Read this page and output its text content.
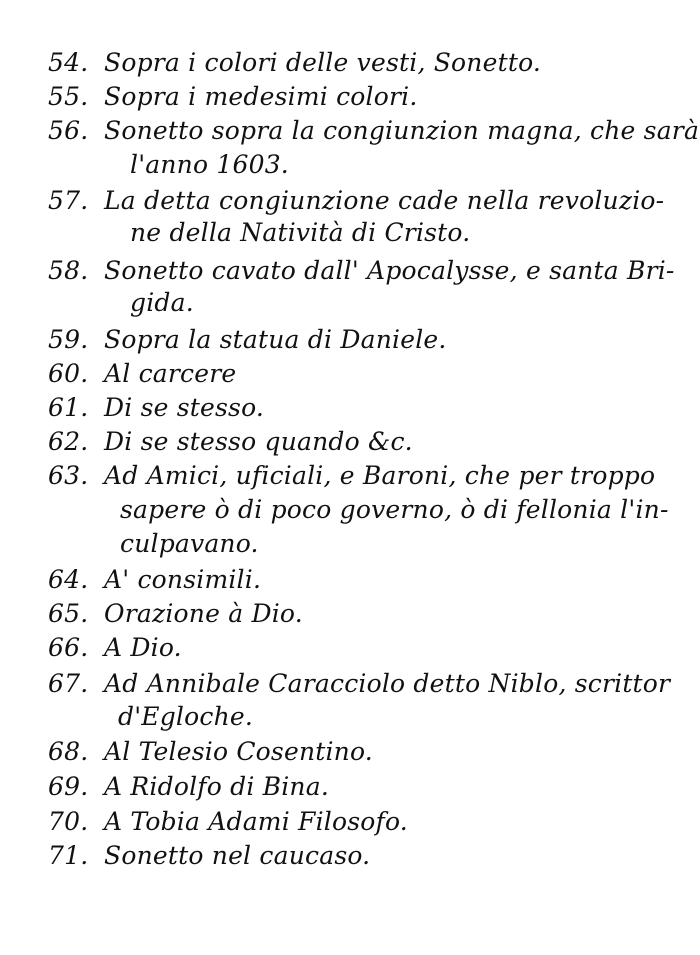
54. Sopra i colori delle vesti, Sonetto.
55. Sopra i medesimi colori.
56. Sonetto sopra la congiunzion magna, che sarà
l'anno 1603.
57. La detta congiunzione cade nella revoluzio-
ne della Natività di Cristo.
58. Sonetto cavato dall' Apocalysse, e santa Bri-
gida.
59. Sopra la statua di Daniele.
60. Al carcere
61. Di se stesso.
62. Di se stesso quando &c.
63. Ad Amici, uficiali, e Baroni, che per troppo
sapere ò di poco governo, ò di fellonia l'in-
culpavano.
64. A' consimili.
65. Orazione à Dio.
66. A Dio.
67. Ad Annibale Caracciolo detto Niblo, scrittor
d'Egloche.
68. Al Telesio Cosentino.
69. A Ridolfo di Bina.
70. A Tobia Adami Filosofo.
71. Sonetto nel caucaso.
